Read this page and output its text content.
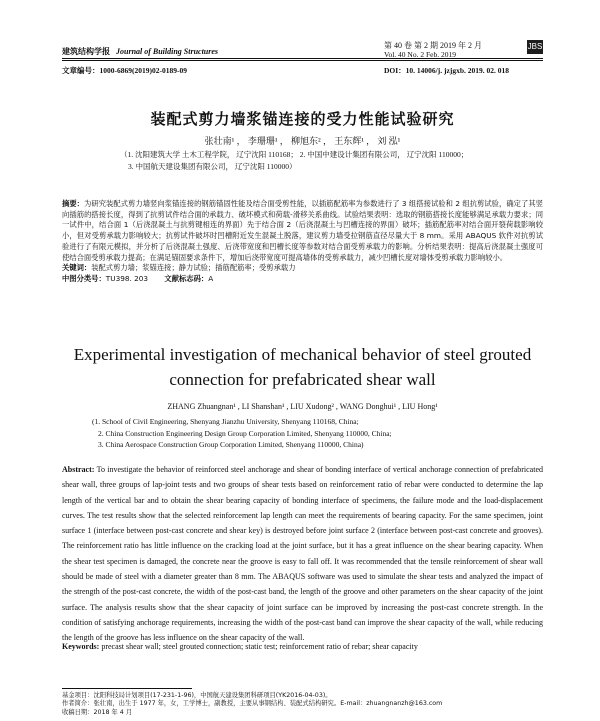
建筑结构学报 Journal of Building Structures
第 40 卷 第 2 期 2019 年 2 月
Vol. 40 No. 2 Feb. 2019
JBS
文章编号：1000-6869(2019)02-0189-09	DOI：10. 14006/j. jzjgxb. 2019. 02. 018
装配式剪力墙浆锚连接的受力性能试验研究
张壮南¹ ， 李珊珊¹ ， 柳旭东² ， 王东辉¹ ， 刘 泓¹
（1. 沈阳建筑大学 土木工程学院， 辽宁沈阳 110168； 2. 中国中建设计集团有限公司， 辽宁沈阳 110000；
3. 中国航天建设集团有限公司， 辽宁沈阳 110000）
摘要：为研究装配式剪力墙竖向浆锚连接的钢筋锚固性能及结合面受剪性能，以插筋配筋率为参数进行了 3 组搭接试验和 2 组抗剪试验，确定了其竖向插筋的搭接长度，得到了抗剪试件结合面的承载力、破坏模式和荷载-滑移关系曲线。试验结果表明：选取的钢筋搭接长度能够满足承载力要求；同一试件中，结合面 1（后浇混凝土与抗剪键相连的界面）先于结合面 2（后浇混凝土与凹槽连接的界面）破坏；插筋配筋率对结合面开裂荷载影响较小，但对受剪承载力影响较大；抗剪试件破坏时凹槽附近发生混凝土脱落，建议剪力墙受拉钢筋直径尽量大于 8 mm。采用 ABAQUS 软件对抗剪试验进行了有限元模拟，并分析了后浇混凝土强度、后浇带宽度和凹槽长度等参数对结合面受剪承载力的影响。分析结果表明：提高后浇混凝土强度可使结合面受剪承载力提高；在满足锚固要求条件下，增加后浇带宽度可提高墙体的受剪承载力，减少凹槽长度对墙体受剪承载力影响较小。
关键词：装配式剪力墙；浆锚连接；静力试验；插筋配筋率；受剪承载力
中图分类号：TU398. 203 文献标志码：A
Experimental investigation of mechanical behavior of steel grouted
connection for prefabricated shear wall
ZHANG Zhuangnan¹ , LI Shanshan¹ , LIU Xudong² , WANG Donghui¹ , LIU Hong¹
(1. School of Civil Engineering, Shenyang Jianzhu University, Shenyang 110168, China;
2. China Construction Engineering Design Group Corporation Limited, Shenyang 110000, China;
3. China Aerospace Construction Group Corporation Limited, Shenyang 110000, China)
Abstract: To investigate the behavior of reinforced steel anchorage and shear of bonding interface of vertical anchorage connection of prefabricated shear wall, three groups of lap-joint tests and two groups of shear tests based on reinforcement ratio of rebar were conducted to determine the lap length of the vertical bar and to obtain the shear bearing capacity of bonding interface of specimens, the failure mode and the load-displacement curves. The test results show that the selected reinforcement lap length can meet the requirements of bearing capacity. For the same specimen, joint surface 1 (interface between post-cast concrete and shear key) is destroyed before joint surface 2 (interface between post-cast concrete and grooves). The reinforcement ratio has little influence on the cracking load at the joint surface, but it has a great influence on the shear bearing capacity. When the shear test specimen is damaged, the concrete near the groove is easy to fall off. It was recommended that the tensile reinforcement of shear wall should be made of steel with a diameter greater than 8 mm. The ABAQUS software was used to simulate the shear tests and analyzed the impact of the strength of the post-cast concrete, the width of the post-cast band, the length of the groove and other parameters on the shear capacity of the joint surface. The analysis results show that the shear capacity of joint surface can be improved by increasing the post-cast concrete strength. In the condition of satisfying anchorage requirements, increasing the width of the post-cast band can improve the shear capacity of the wall, while reducing the length of the groove has less influence on the shear capacity of the wall.
Keywords: precast shear wall; steel grouted connection; static test; reinforcement ratio of rebar; shear capacity
基金项目：沈阳科技局计划项目(17-231-1-96)，中国航天建设集团科研项目(YK2016-04-03)。
作者简介：张壮南，出生于 1977 年，女，工学博士，副教授，主要从事钢结构、装配式结构研究。E-mail：zhuangnanzh@163.com
收稿日期：2018 年 4 月
